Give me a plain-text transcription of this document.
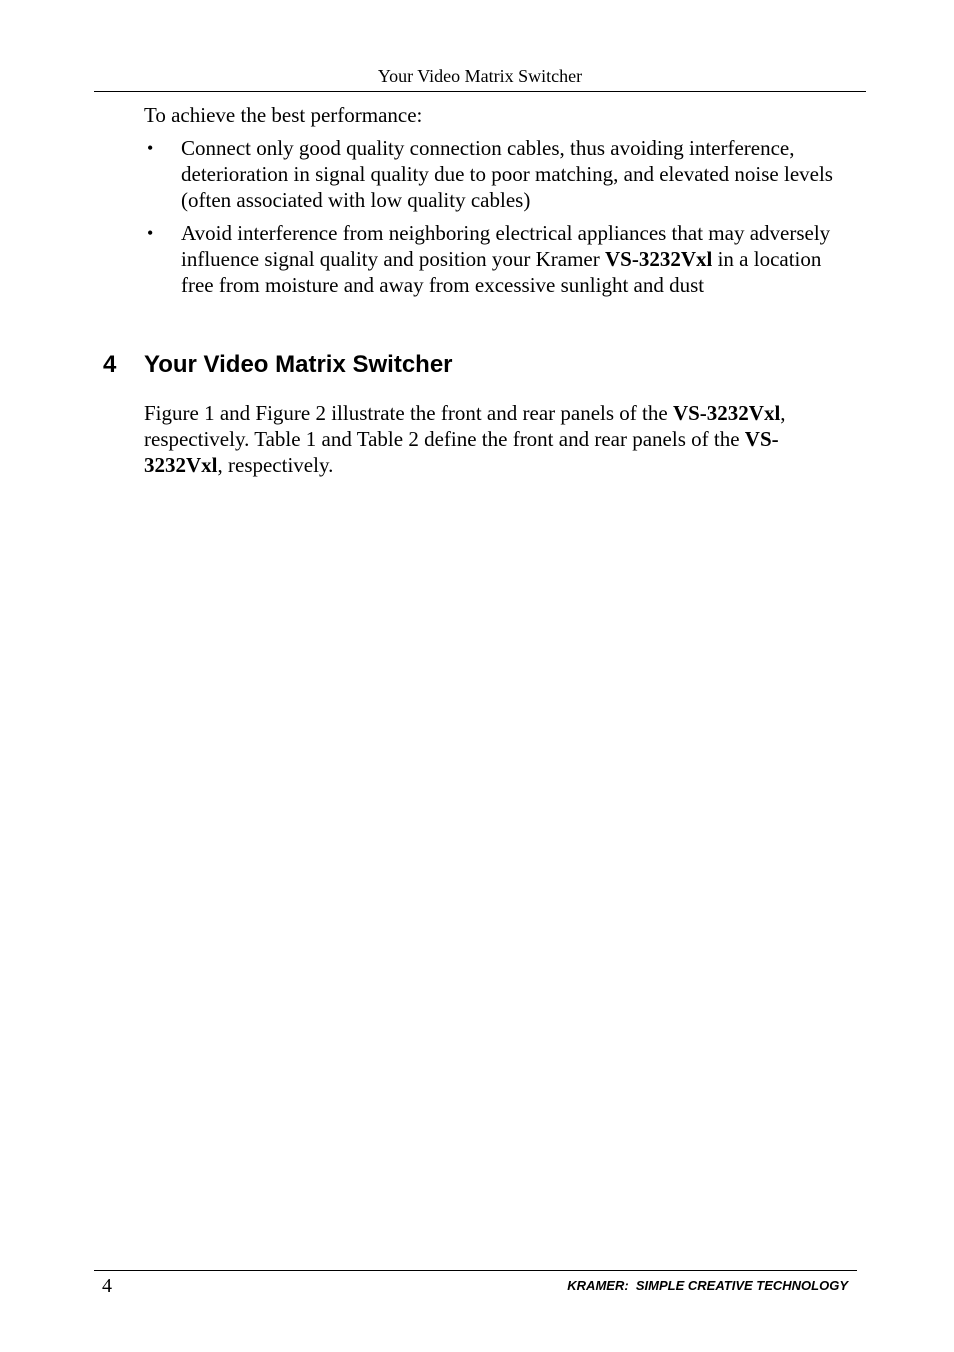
Your Video Matrix Switcher

To achieve the best performance:

• Connect only good quality connection cables, thus avoiding interference, deterioration in signal quality due to poor matching, and elevated noise levels (often associated with low quality cables)
• Avoid interference from neighboring electrical appliances that may adversely influence signal quality and position your Kramer VS-3232Vxl in a location free from moisture and away from excessive sunlight and dust
4 Your Video Matrix Switcher

Figure 1 and Figure 2 illustrate the front and rear panels of the VS-3232Vxl, respectively. Table 1 and Table 2 define the front and rear panels of the VS-3232Vxl, respectively.

4	KRAMER:  SIMPLE CREATIVE TECHNOLOGY
